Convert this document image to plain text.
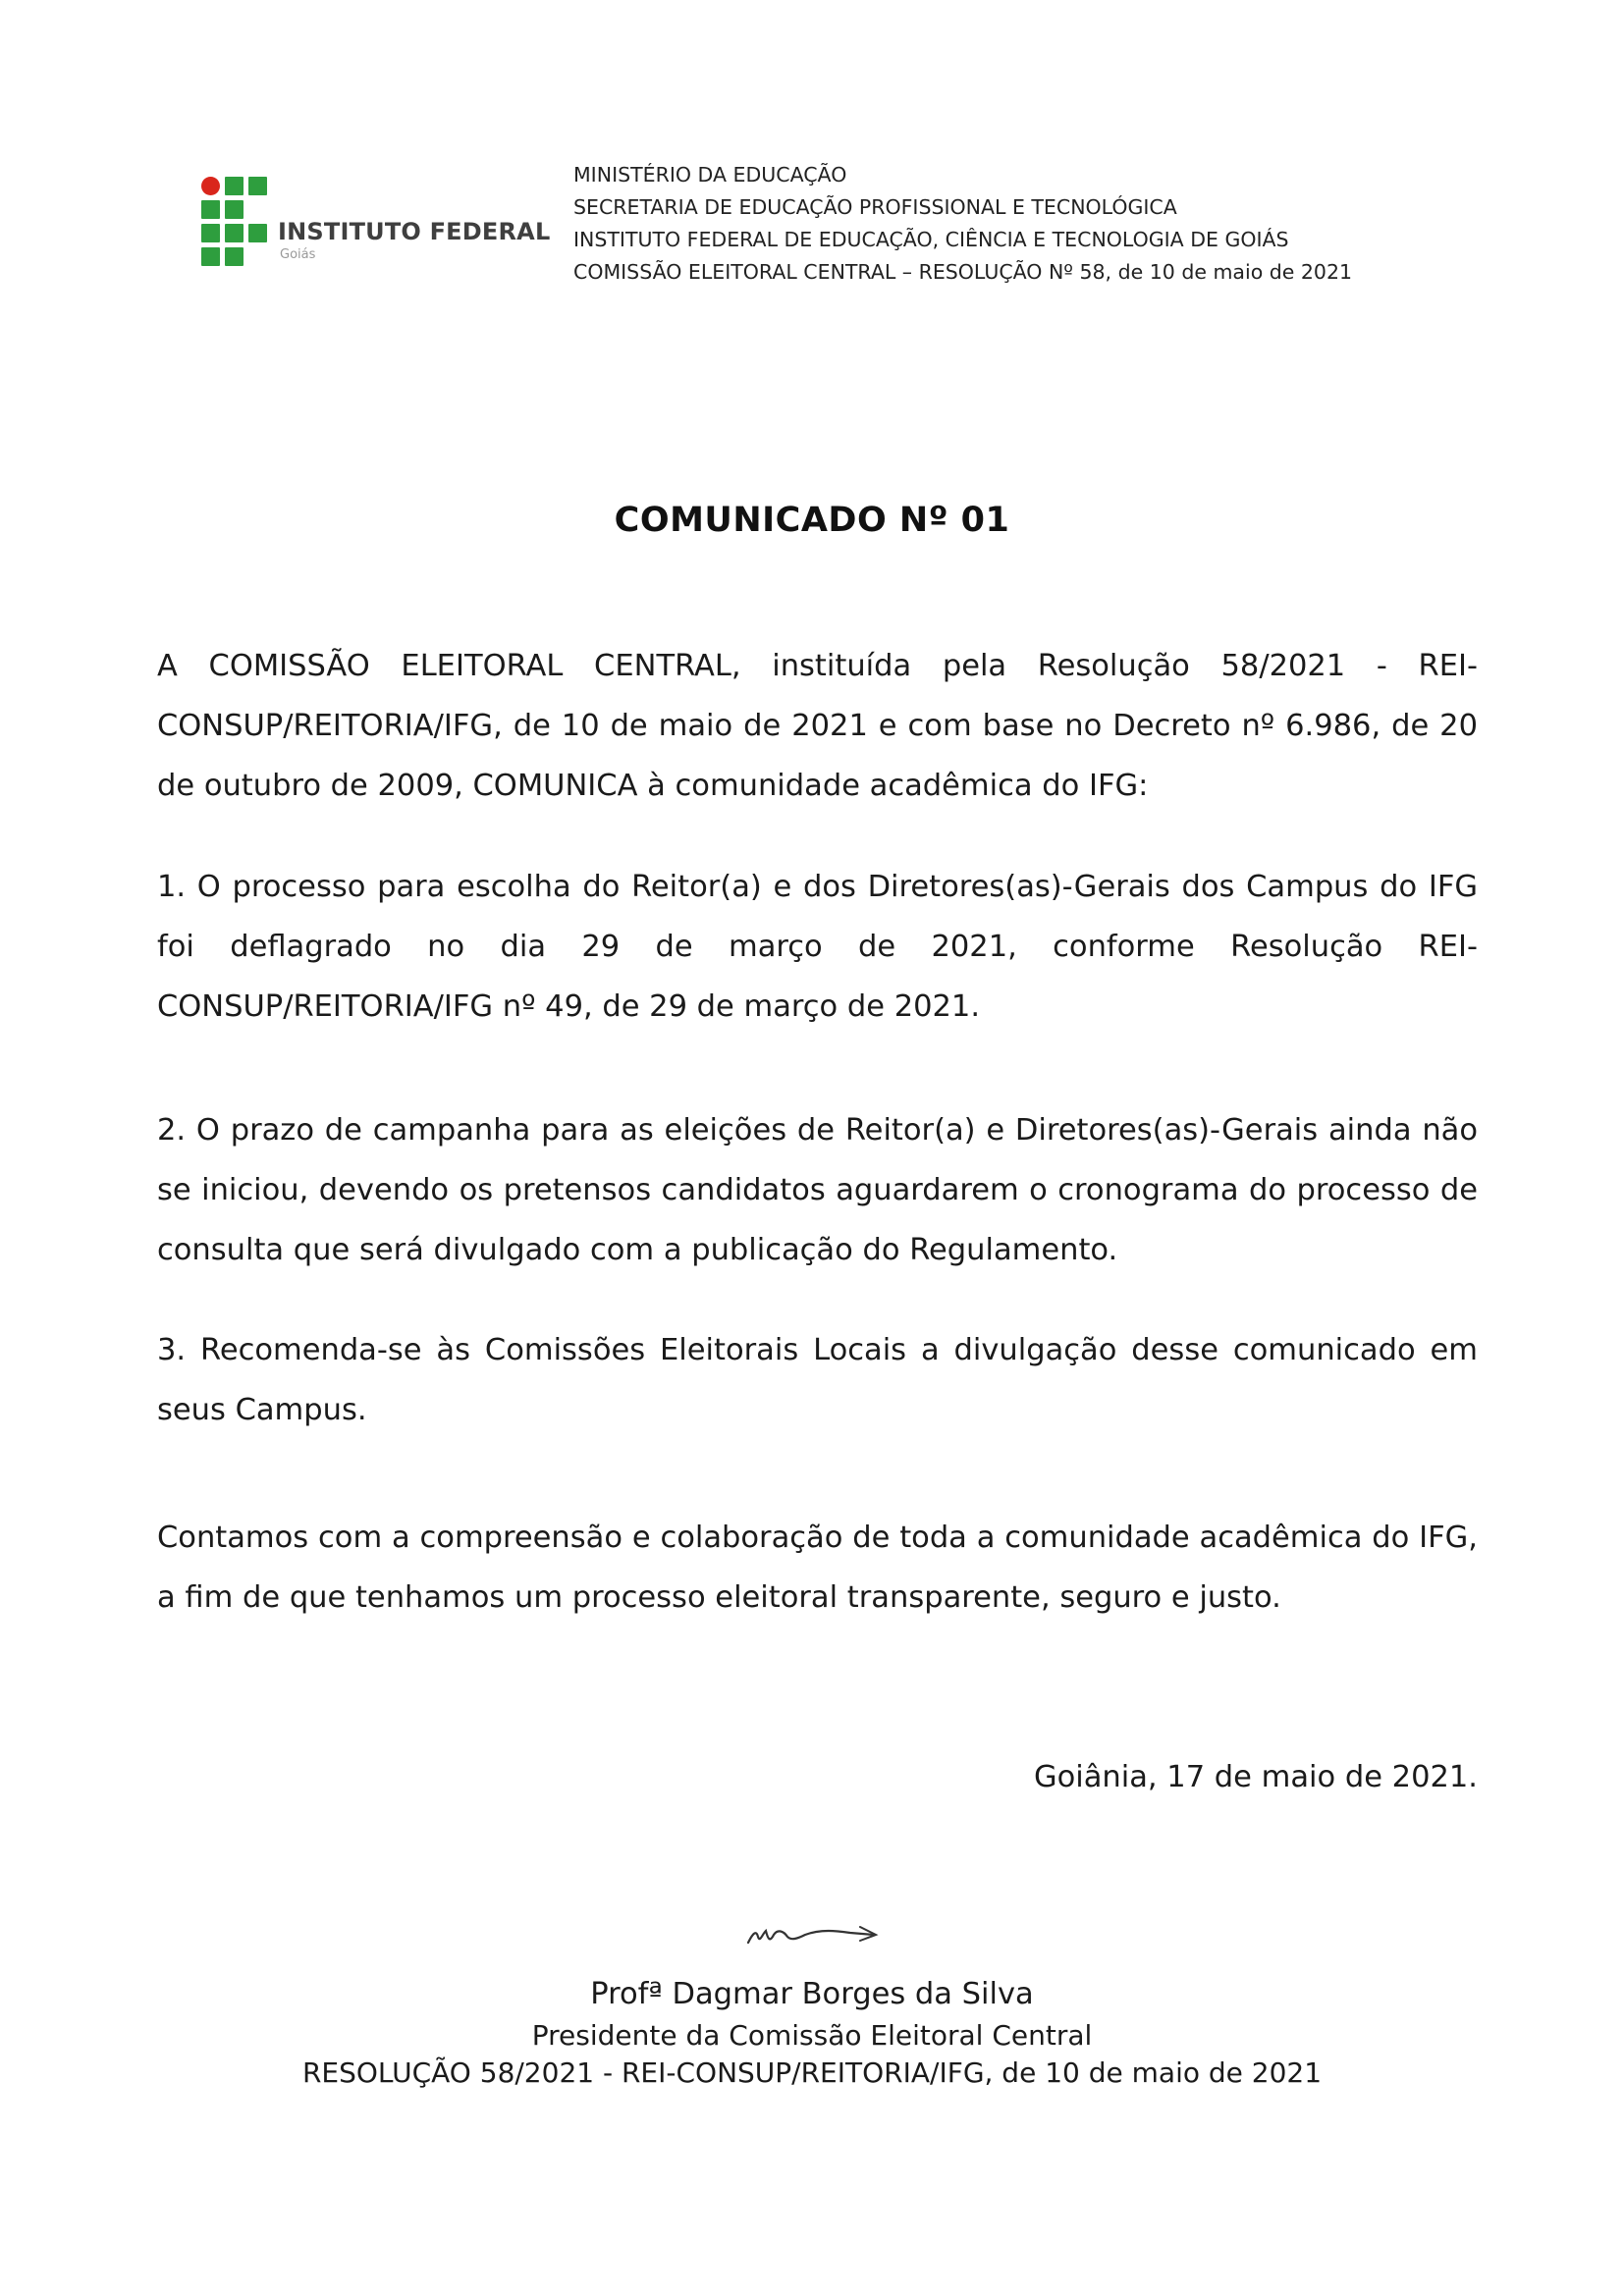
INSTITUTO FEDERAL
Goiás
MINISTÉRIO DA EDUCAÇÃO
SECRETARIA DE EDUCAÇÃO PROFISSIONAL E TECNOLÓGICA
INSTITUTO FEDERAL DE EDUCAÇÃO, CIÊNCIA E TECNOLOGIA DE GOIÁS
COMISSÃO ELEITORAL CENTRAL – RESOLUÇÃO Nº 58, de 10 de maio de 2021
COMUNICADO Nº 01
A COMISSÃO ELEITORAL CENTRAL, instituída pela Resolução 58/2021 - REI-CONSUP/REITORIA/IFG, de 10 de maio de 2021 e com base no Decreto nº 6.986, de 20 de outubro de 2009, COMUNICA à comunidade acadêmica do IFG:
1. O processo para escolha do Reitor(a) e dos Diretores(as)-Gerais dos Campus do IFG foi deflagrado no dia 29 de março de 2021, conforme Resolução REI-CONSUP/REITORIA/IFG nº 49, de 29 de março de 2021.
2. O prazo de campanha para as eleições de Reitor(a) e Diretores(as)-Gerais ainda não se iniciou, devendo os pretensos candidatos aguardarem o cronograma do processo de consulta que será divulgado com a publicação do Regulamento.
3. Recomenda-se às Comissões Eleitorais Locais a divulgação desse comunicado em seus Campus.
Contamos com a compreensão e colaboração de toda a comunidade acadêmica do IFG, a fim de que tenhamos um processo eleitoral transparente, seguro e justo.
Goiânia, 17 de maio de 2021.
Profª Dagmar Borges da Silva
Presidente da Comissão Eleitoral Central
RESOLUÇÃO 58/2021 - REI-CONSUP/REITORIA/IFG, de 10 de maio de 2021
